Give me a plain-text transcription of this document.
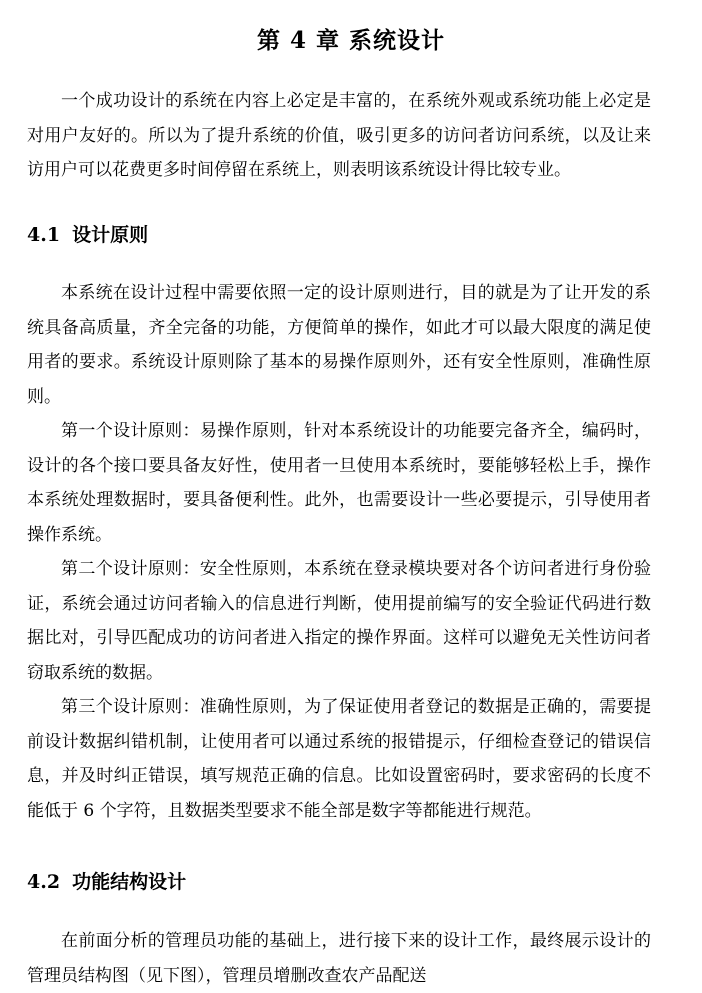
第 4 章 系统设计

一个成功设计的系统在内容上必定是丰富的，在系统外观或系统功能上必定是对用户友好的。所以为了提升系统的价值，吸引更多的访问者访问系统，以及让来访用户可以花费更多时间停留在系统上，则表明该系统设计得比较专业。

4.1 设计原则

本系统在设计过程中需要依照一定的设计原则进行，目的就是为了让开发的系统具备高质量，齐全完备的功能，方便简单的操作，如此才可以最大限度的满足使用者的要求。系统设计原则除了基本的易操作原则外，还有安全性原则，准确性原则。

第一个设计原则：易操作原则，针对本系统设计的功能要完备齐全，编码时，设计的各个接口要具备友好性，使用者一旦使用本系统时，要能够轻松上手，操作本系统处理数据时，要具备便利性。此外，也需要设计一些必要提示，引导使用者操作系统。

第二个设计原则：安全性原则，本系统在登录模块要对各个访问者进行身份验证，系统会通过访问者输入的信息进行判断，使用提前编写的安全验证代码进行数据比对，引导匹配成功的访问者进入指定的操作界面。这样可以避免无关性访问者窃取系统的数据。

第三个设计原则：准确性原则，为了保证使用者登记的数据是正确的，需要提前设计数据纠错机制，让使用者可以通过系统的报错提示，仔细检查登记的错误信息，并及时纠正错误，填写规范正确的信息。比如设置密码时，要求密码的长度不能低于 6 个字符，且数据类型要求不能全部是数字等都能进行规范。

4.2 功能结构设计

在前面分析的管理员功能的基础上，进行接下来的设计工作，最终展示设计的管理员结构图（见下图），管理员增删改查农产品配送
